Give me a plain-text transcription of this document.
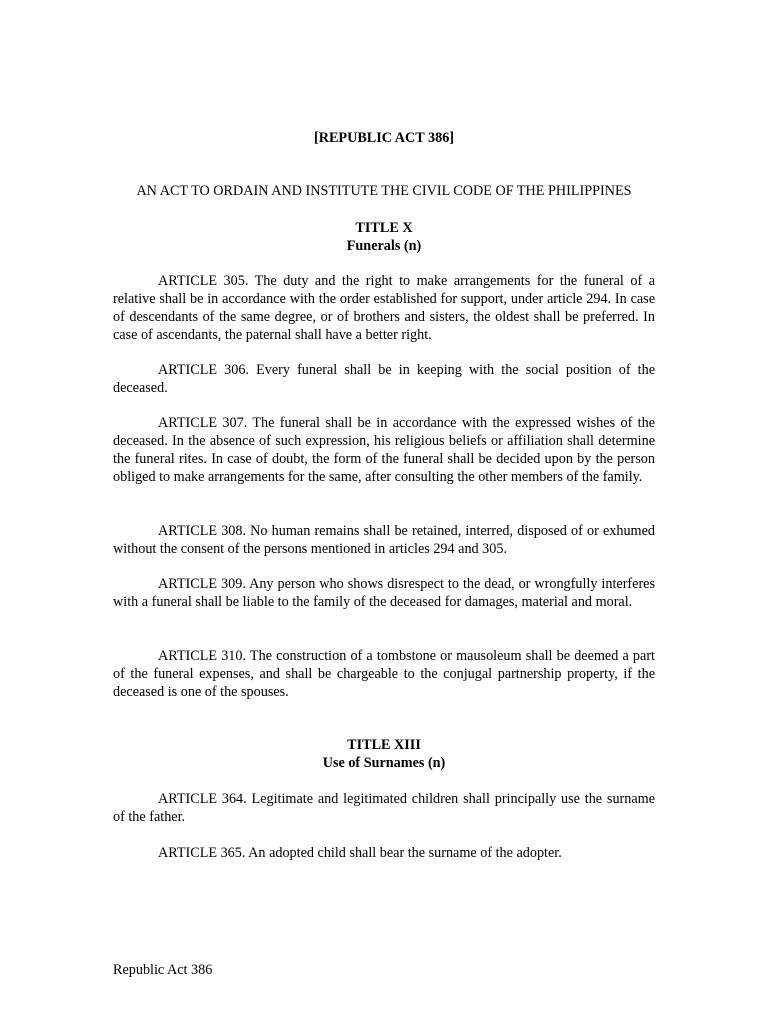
[REPUBLIC ACT 386]
AN ACT TO ORDAIN AND INSTITUTE THE CIVIL CODE OF THE PHILIPPINES
TITLE X
Funerals (n)

ARTICLE 305. The duty and the right to make arrangements for the funeral of a relative shall be in accordance with the order established for support, under article 294. In case of descendants of the same degree, or of brothers and sisters, the oldest shall be preferred. In case of ascendants, the paternal shall have a better right.

ARTICLE 306. Every funeral shall be in keeping with the social position of the deceased.

ARTICLE 307. The funeral shall be in accordance with the expressed wishes of the deceased. In the absence of such expression, his religious beliefs or affiliation shall determine the funeral rites. In case of doubt, the form of the funeral shall be decided upon by the person obliged to make arrangements for the same, after consulting the other members of the family.

ARTICLE 308. No human remains shall be retained, interred, disposed of or exhumed without the consent of the persons mentioned in articles 294 and 305.

ARTICLE 309. Any person who shows disrespect to the dead, or wrongfully interferes with a funeral shall be liable to the family of the deceased for damages, material and moral.

ARTICLE 310. The construction of a tombstone or mausoleum shall be deemed a part of the funeral expenses, and shall be chargeable to the conjugal partnership property, if the deceased is one of the spouses.

TITLE XIII
Use of Surnames (n)

ARTICLE 364. Legitimate and legitimated children shall principally use the surname of the father.

ARTICLE 365. An adopted child shall bear the surname of the adopter.

Republic Act 386
